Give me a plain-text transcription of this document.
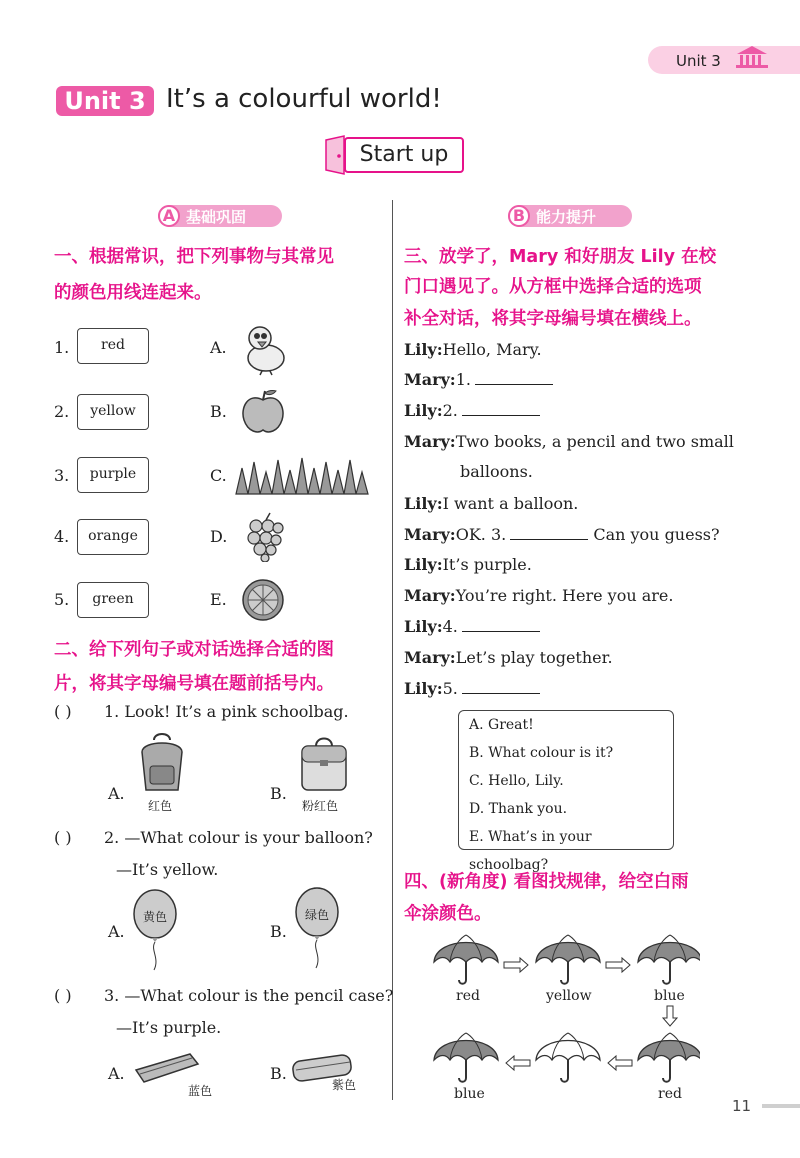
Unit 3
Unit 3 It’s a colourful world!
Start up
A 基础巩固	B 能力提升
一、根据常识，把下列事物与其常见
的颜色用线连起来。
1.	red	A.
2.	yellow	B.
3.	purple	C.
4.	orange	D.
5.	green	E.
二、给下列句子或对话选择合适的图
片，将其字母编号填在题前括号内。
( ) 1. Look! It’s a pink schoolbag.
A.
红色
B.
粉红色
( ) 2. —What colour is your balloon?
—It’s yellow.
A.
黄色
B.
绿色
( ) 3. —What colour is the pencil case?
—It’s purple.
A.
蓝色
B.
紫色
三、放学了，Mary 和好朋友 Lily 在校
门口遇见了。从方框中选择合适的选项
补全对话，将其字母编号填在横线上。
Lily:Hello, Mary.
Mary:1.
Lily:2.
Mary:Two books, a pencil and two small
balloons.
Lily:I want a balloon.
Mary:OK. 3.	Can you guess?
Lily:It’s purple.
Mary:You’re right. Here you are.
Lily:4.
Mary:Let’s play together.
Lily:5.
A. Great!
B. What colour is it?
C. Hello, Lily.
D. Thank you.
E. What’s in your schoolbag?
四、(新角度) 看图找规律，给空白雨
伞涂颜色。
red	yellow	blue
blue	red
11
